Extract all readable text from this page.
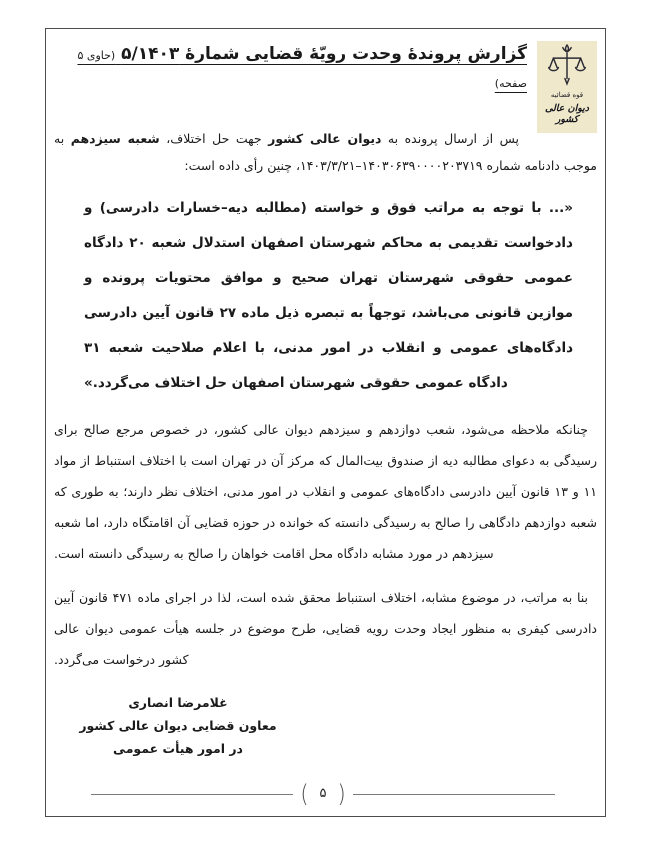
قوه قضائیه
دیوان عالی کشور
گزارش پروندهٔ وحدت رویّهٔ قضایی شمارهٔ ۵/۱۴۰۳ (حاوی ۵ صفحه)

پس از ارسال پرونده به دیوان عالی کشور جهت حل اختلاف، شعبه سیزدهم به موجب دادنامه شماره ۱۴۰۳۰۶۳۹۰۰۰۰۲۰۳۷۱۹–۱۴۰۳/۳/۲۱، چنین رأی داده است:

«... با توجه به مراتب فوق و خواسته (مطالبه دیه–خسارات دادرسی) و دادخواست تقدیمی به محاکم شهرستان اصفهان استدلال شعبه ۲۰ دادگاه عمومی حقوقی شهرستان تهران صحیح و موافق محتویات پرونده و موازین قانونی می‌باشد، توجهاً به تبصره ذیل ماده ۲۷ قانون آیین دادرسی دادگاه‌های عمومی و انقلاب در امور مدنی، با اعلام صلاحیت شعبه ۳۱ دادگاه عمومی حقوقی شهرستان اصفهان حل اختلاف می‌گردد.»

چنانکه ملاحظه می‌شود، شعب دوازدهم و سیزدهم دیوان عالی کشور، در خصوص مرجع صالح برای رسیدگی به دعوای مطالبه دیه از صندوق بیت‌المال که مرکز آن در تهران است با اختلاف استنباط از مواد ۱۱ و ۱۳ قانون آیین دادرسی دادگاه‌های عمومی و انقلاب در امور مدنی، اختلاف نظر دارند؛ به طوری که شعبه دوازدهم دادگاهی را صالح به رسیدگی دانسته که خوانده در حوزه قضایی آن اقامتگاه دارد، اما شعبه سیزدهم در مورد مشابه دادگاه محل اقامت خواهان را صالح به رسیدگی دانسته است.

بنا به مراتب، در موضوع مشابه، اختلاف استنباط محقق شده است، لذا در اجرای ماده ۴۷۱ قانون آیین دادرسی کیفری به منظور ایجاد وحدت رویه قضایی، طرح موضوع در جلسه هیأت عمومی دیوان عالی کشور درخواست می‌گردد.

غلامرضا انصاری
معاون قضایی دیوان عالی کشور
در امور هیأت عمومی
( ۵ )
